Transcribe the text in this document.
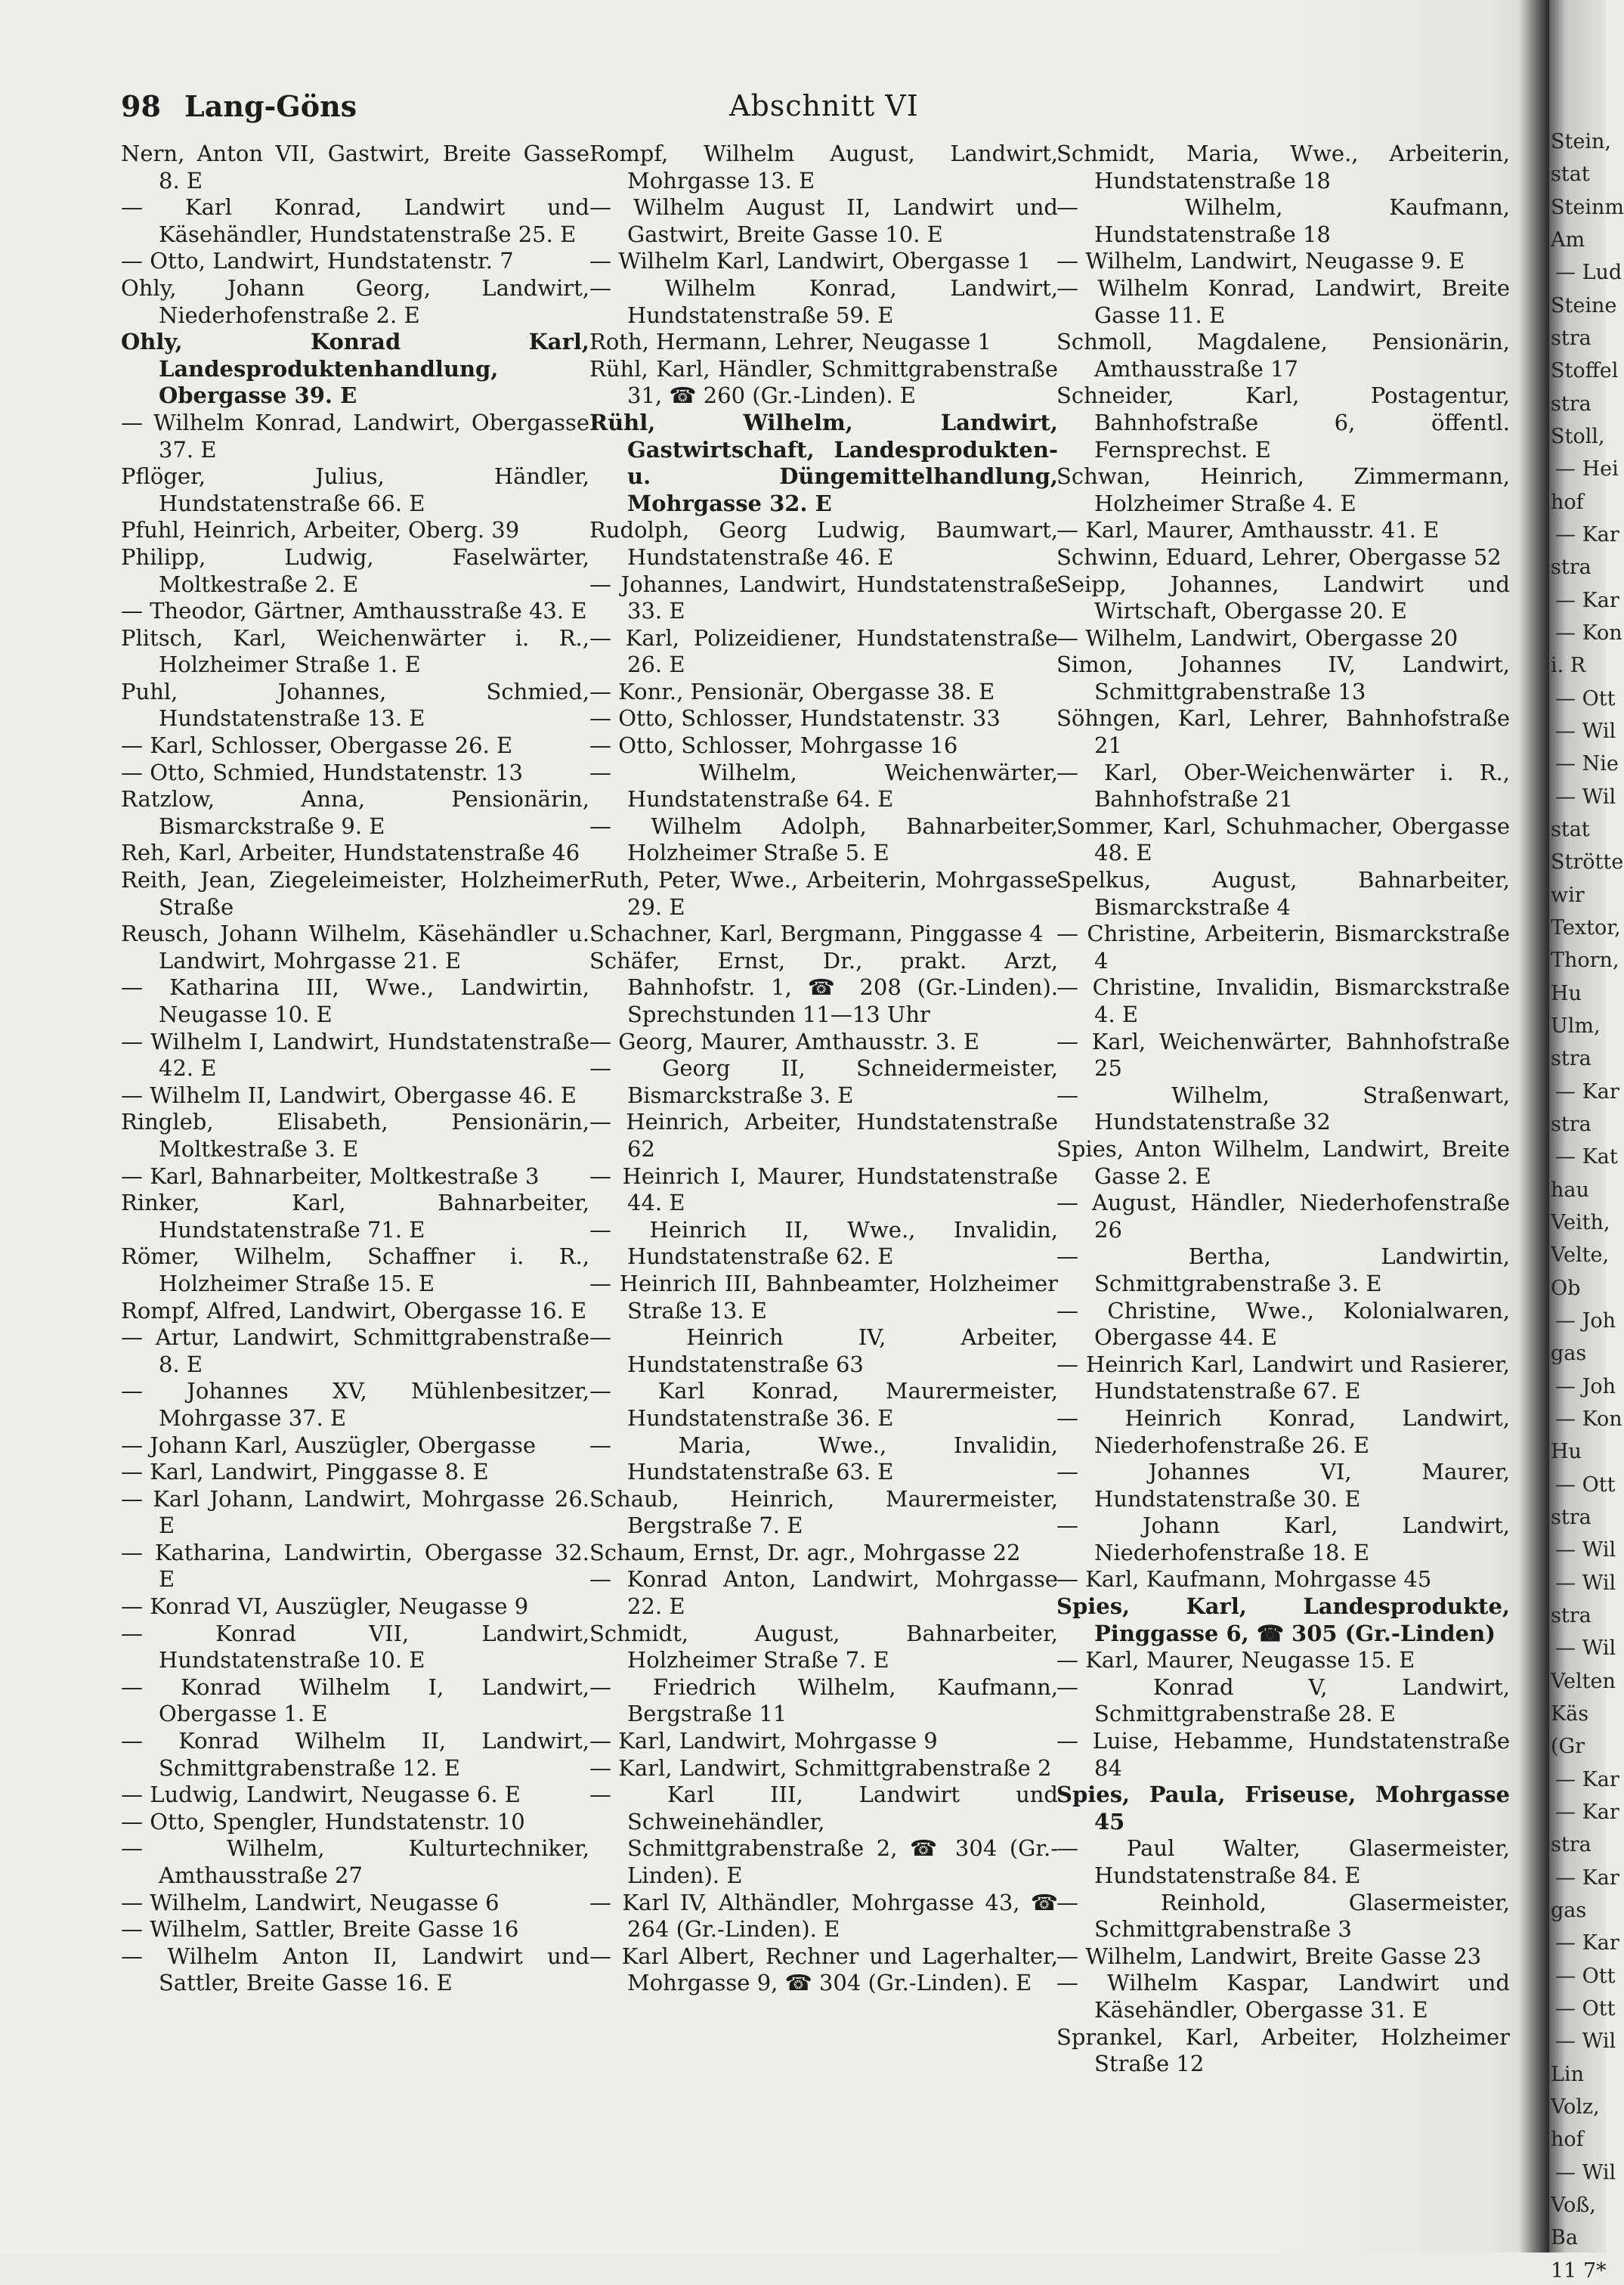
98 Lang-Göns	Abschnitt VI
Nern, Anton VII, Gastwirt, Breite Gasse 8. E
— Karl Konrad, Landwirt und Käsehändler, Hundstatenstraße 25. E
— Otto, Landwirt, Hundstatenstr. 7
Ohly, Johann Georg, Landwirt, Niederhofenstraße 2. E
Ohly, Konrad Karl, Landesproduktenhandlung, Obergasse 39. E
— Wilhelm Konrad, Landwirt, Obergasse 37. E
Pflöger, Julius, Händler, Hundstatenstraße 66. E
Pfuhl, Heinrich, Arbeiter, Oberg. 39
Philipp, Ludwig, Faselwärter, Moltkestraße 2. E
— Theodor, Gärtner, Amthausstraße 43. E
Plitsch, Karl, Weichenwärter i. R., Holzheimer Straße 1. E
Puhl, Johannes, Schmied, Hundstatenstraße 13. E
— Karl, Schlosser, Obergasse 26. E
— Otto, Schmied, Hundstatenstr. 13
Ratzlow, Anna, Pensionärin, Bismarckstraße 9. E
Reh, Karl, Arbeiter, Hundstatenstraße 46
Reith, Jean, Ziegeleimeister, Holzheimer Straße
Reusch, Johann Wilhelm, Käsehändler u. Landwirt, Mohrgasse 21. E
— Katharina III, Wwe., Landwirtin, Neugasse 10. E
— Wilhelm I, Landwirt, Hundstatenstraße 42. E
— Wilhelm II, Landwirt, Obergasse 46. E
Ringleb, Elisabeth, Pensionärin, Moltkestraße 3. E
— Karl, Bahnarbeiter, Moltkestraße 3
Rinker, Karl, Bahnarbeiter, Hundstatenstraße 71. E
Römer, Wilhelm, Schaffner i. R., Holzheimer Straße 15. E
Rompf, Alfred, Landwirt, Obergasse 16. E
— Artur, Landwirt, Schmittgrabenstraße 8. E
— Johannes XV, Mühlenbesitzer, Mohrgasse 37. E
— Johann Karl, Auszügler, Obergasse
— Karl, Landwirt, Pinggasse 8. E
— Karl Johann, Landwirt, Mohrgasse 26. E
— Katharina, Landwirtin, Obergasse 32. E
— Konrad VI, Auszügler, Neugasse 9
— Konrad VII, Landwirt, Hundstatenstraße 10. E
— Konrad Wilhelm I, Landwirt, Obergasse 1. E
— Konrad Wilhelm II, Landwirt, Schmittgrabenstraße 12. E
— Ludwig, Landwirt, Neugasse 6. E
— Otto, Spengler, Hundstatenstr. 10
— Wilhelm, Kulturtechniker, Amthausstraße 27
— Wilhelm, Landwirt, Neugasse 6
— Wilhelm, Sattler, Breite Gasse 16
— Wilhelm Anton II, Landwirt und Sattler, Breite Gasse 16. E
Rompf, Wilhelm August, Landwirt, Mohrgasse 13. E
— Wilhelm August II, Landwirt und Gastwirt, Breite Gasse 10. E
— Wilhelm Karl, Landwirt, Obergasse 1
— Wilhelm Konrad, Landwirt, Hundstatenstraße 59. E
Roth, Hermann, Lehrer, Neugasse 1
Rühl, Karl, Händler, Schmittgrabenstraße 31, ☎ 260 (Gr.-Linden). E
Rühl, Wilhelm, Landwirt, Gastwirtschaft, Landesprodukten- u. Düngemittelhandlung, Mohrgasse 32. E
Rudolph, Georg Ludwig, Baumwart, Hundstatenstraße 46. E
— Johannes, Landwirt, Hundstatenstraße 33. E
— Karl, Polizeidiener, Hundstatenstraße 26. E
— Konr., Pensionär, Obergasse 38. E
— Otto, Schlosser, Hundstatenstr. 33
— Otto, Schlosser, Mohrgasse 16
— Wilhelm, Weichenwärter, Hundstatenstraße 64. E
— Wilhelm Adolph, Bahnarbeiter, Holzheimer Straße 5. E
Ruth, Peter, Wwe., Arbeiterin, Mohrgasse 29. E
Schachner, Karl, Bergmann, Pinggasse 4
Schäfer, Ernst, Dr., prakt. Arzt, Bahnhofstr. 1, ☎ 208 (Gr.-Linden). Sprechstunden 11—13 Uhr
— Georg, Maurer, Amthausstr. 3. E
— Georg II, Schneidermeister, Bismarckstraße 3. E
— Heinrich, Arbeiter, Hundstatenstraße 62
— Heinrich I, Maurer, Hundstatenstraße 44. E
— Heinrich II, Wwe., Invalidin, Hundstatenstraße 62. E
— Heinrich III, Bahnbeamter, Holzheimer Straße 13. E
— Heinrich IV, Arbeiter, Hundstatenstraße 63
— Karl Konrad, Maurermeister, Hundstatenstraße 36. E
— Maria, Wwe., Invalidin, Hundstatenstraße 63. E
Schaub, Heinrich, Maurermeister, Bergstraße 7. E
Schaum, Ernst, Dr. agr., Mohrgasse 22
— Konrad Anton, Landwirt, Mohrgasse 22. E
Schmidt, August, Bahnarbeiter, Holzheimer Straße 7. E
— Friedrich Wilhelm, Kaufmann, Bergstraße 11
— Karl, Landwirt, Mohrgasse 9
— Karl, Landwirt, Schmittgrabenstraße 2
— Karl III, Landwirt und Schweinehändler, Schmittgrabenstraße 2, ☎ 304 (Gr.-Linden). E
— Karl IV, Althändler, Mohrgasse 43, ☎ 264 (Gr.-Linden). E
— Karl Albert, Rechner und Lagerhalter, Mohrgasse 9, ☎ 304 (Gr.-Linden). E
Schmidt, Maria, Wwe., Arbeiterin, Hundstatenstraße 18
— Wilhelm, Kaufmann, Hundstatenstraße 18
— Wilhelm, Landwirt, Neugasse 9. E
— Wilhelm Konrad, Landwirt, Breite Gasse 11. E
Schmoll, Magdalene, Pensionärin, Amthausstraße 17
Schneider, Karl, Postagentur, Bahnhofstraße 6, öffentl. Fernsprechst. E
Schwan, Heinrich, Zimmermann, Holzheimer Straße 4. E
— Karl, Maurer, Amthausstr. 41. E
Schwinn, Eduard, Lehrer, Obergasse 52
Seipp, Johannes, Landwirt und Wirtschaft, Obergasse 20. E
— Wilhelm, Landwirt, Obergasse 20
Simon, Johannes IV, Landwirt, Schmittgrabenstraße 13
Söhngen, Karl, Lehrer, Bahnhofstraße 21
— Karl, Ober-Weichenwärter i. R., Bahnhofstraße 21
Sommer, Karl, Schuhmacher, Obergasse 48. E
Spelkus, August, Bahnarbeiter, Bismarckstraße 4
— Christine, Arbeiterin, Bismarckstraße 4
— Christine, Invalidin, Bismarckstraße 4. E
— Karl, Weichenwärter, Bahnhofstraße 25
— Wilhelm, Straßenwart, Hundstatenstraße 32
Spies, Anton Wilhelm, Landwirt, Breite Gasse 2. E
— August, Händler, Niederhofenstraße 26
— Bertha, Landwirtin, Schmittgrabenstraße 3. E
— Christine, Wwe., Kolonialwaren, Obergasse 44. E
— Heinrich Karl, Landwirt und Rasierer, Hundstatenstraße 67. E
— Heinrich Konrad, Landwirt, Niederhofenstraße 26. E
— Johannes VI, Maurer, Hundstatenstraße 30. E
— Johann Karl, Landwirt, Niederhofenstraße 18. E
— Karl, Kaufmann, Mohrgasse 45
Spies, Karl, Landesprodukte, Pinggasse 6, ☎ 305 (Gr.-Linden)
— Karl, Maurer, Neugasse 15. E
— Konrad V, Landwirt, Schmittgrabenstraße 28. E
— Luise, Hebamme, Hundstatenstraße 84
Spies, Paula, Friseuse, Mohrgasse 45
— Paul Walter, Glasermeister, Hundstatenstraße 84. E
— Reinhold, Glasermeister, Schmittgrabenstraße 3
— Wilhelm, Landwirt, Breite Gasse 23
— Wilhelm Kaspar, Landwirt und Käsehändler, Obergasse 31. E
Sprankel, Karl, Arbeiter, Holzheimer Straße 12
Stein,
stat
Steinm
Am
— Lud
Steine
stra
Stoffel
stra
Stoll,
— Hei
hof
— Kar
stra
— Kar
— Kon
i. R
— Ott
— Wil
— Nie
— Wil
stat
Strötte
wir
Textor,
Thorn,
Hu
Ulm,
stra
— Kar
stra
— Kat
hau
Veith,
Velte,
Ob
— Joh
gas
— Joh
— Kon
Hu
— Ott
stra
— Wil
— Wil
stra
— Wil
Velten
Käs
(Gr
— Kar
— Kar
stra
— Kar
gas
— Kar
— Ott
— Ott
— Wil
Lin
Volz,
hof
— Wil
Voß,
Ba
11 7*
